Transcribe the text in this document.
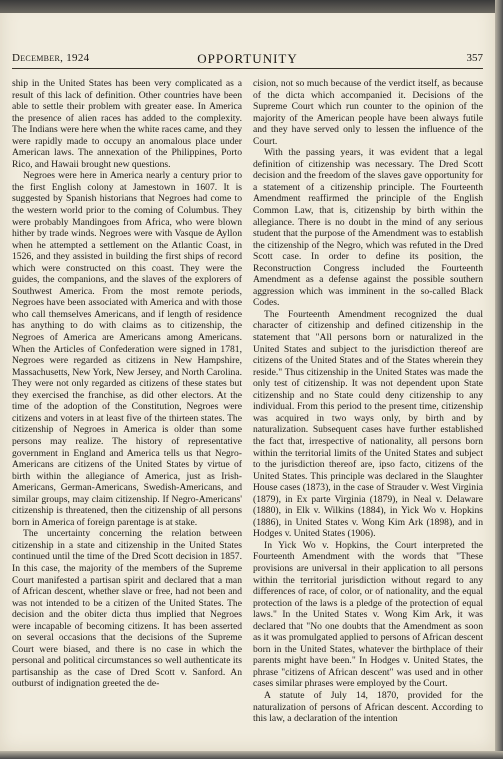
December, 1924	OPPORTUNITY	357

ship in the United States has been very complicated as a result of this lack of definition. Other countries have been able to settle their problem with greater ease. In America the presence of alien races has added to the complexity. The Indians were here when the white races came, and they were rapidly made to occupy an anomalous place under American laws. The annexation of the Philippines, Porto Rico, and Hawaii brought new questions.

Negroes were here in America nearly a century prior to the first English colony at Jamestown in 1607. It is suggested by Spanish historians that Negroes had come to the western world prior to the coming of Columbus. They were probably Mandingoes from Africa, who were blown hither by trade winds. Negroes were with Vasque de Ayllon when he attempted a settlement on the Atlantic Coast, in 1526, and they assisted in building the first ships of record which were constructed on this coast. They were the guides, the companions, and the slaves of the explorers of Southwest America. From the most remote periods, Negroes have been associated with America and with those who call themselves Americans, and if length of residence has anything to do with claims as to citizenship, the Negroes of America are Americans among Americans. When the Articles of Confederation were signed in 1781, Negroes were regarded as citizens in New Hampshire, Massachusetts, New York, New Jersey, and North Carolina. They were not only regarded as citizens of these states but they exercised the franchise, as did other electors. At the time of the adoption of the Constitution, Negroes were citizens and voters in at least five of the thirteen states. The citizenship of Negroes in America is older than some persons may realize. The history of representative government in England and America tells us that Negro-Americans are citizens of the United States by virtue of birth within the allegiance of America, just as Irish-Americans, German-Americans, Swedish-Americans, and similar groups, may claim citizenship. If Negro-Americans' citizenship is threatened, then the citizenship of all persons born in America of foreign parentage is at stake.

The uncertainty concerning the relation between citizenship in a state and citizenship in the United States continued until the time of the Dred Scott decision in 1857. In this case, the majority of the members of the Supreme Court manifested a partisan spirit and declared that a man of African descent, whether slave or free, had not been and was not intended to be a citizen of the United States. The decision and the obiter dicta thus implied that Negroes were incapable of becoming citizens. It has been asserted on several occasions that the decisions of the Supreme Court were biased, and there is no case in which the personal and political circumstances so well authenticate its partisanship as the case of Dred Scott v. Sanford. An outburst of indignation greeted the de-

cision, not so much because of the verdict itself, as because of the dicta which accompanied it. Decisions of the Supreme Court which run counter to the opinion of the majority of the American people have been always futile and they have served only to lessen the influence of the Court.

With the passing years, it was evident that a legal definition of citizenship was necessary. The Dred Scott decision and the freedom of the slaves gave opportunity for a statement of a citizenship principle. The Fourteenth Amendment reaffirmed the principle of the English Common Law, that is, citizenship by birth within the allegiance. There is no doubt in the mind of any serious student that the purpose of the Amendment was to establish the citizenship of the Negro, which was refuted in the Dred Scott case. In order to define its position, the Reconstruction Congress included the Fourteenth Amendment as a defense against the possible southern aggression which was imminent in the so-called Black Codes.

The Fourteenth Amendment recognized the dual character of citizenship and defined citizenship in the statement that "All persons born or naturalized in the United States and subject to the jurisdiction thereof are citizens of the United States and of the States wherein they reside." Thus citizenship in the United States was made the only test of citizenship. It was not dependent upon State citizenship and no State could deny citizenship to any individual. From this period to the present time, citizenship was acquired in two ways only, by birth and by naturalization. Subsequent cases have further established the fact that, irrespective of nationality, all persons born within the territorial limits of the United States and subject to the jurisdiction thereof are, ipso facto, citizens of the United States. This principle was declared in the Slaughter House cases (1873), in the case of Strauder v. West Virginia (1879), in Ex parte Virginia (1879), in Neal v. Delaware (1880), in Elk v. Wilkins (1884), in Yick Wo v. Hopkins (1886), in United States v. Wong Kim Ark (1898), and in Hodges v. United States (1906).

In Yick Wo v. Hopkins, the Court interpreted the Fourteenth Amendment with the words that "These provisions are universal in their application to all persons within the territorial jurisdiction without regard to any differences of race, of color, or of nationality, and the equal protection of the laws is a pledge of the protection of equal laws." In the United States v. Wong Kim Ark, it was declared that "No one doubts that the Amendment as soon as it was promulgated applied to persons of African descent born in the United States, whatever the birthplace of their parents might have been." In Hodges v. United States, the phrase "citizens of African descent" was used and in other cases similar phrases were employed by the Court.

A statute of July 14, 1870, provided for the naturalization of persons of African descent. According to this law, a declaration of the intention
